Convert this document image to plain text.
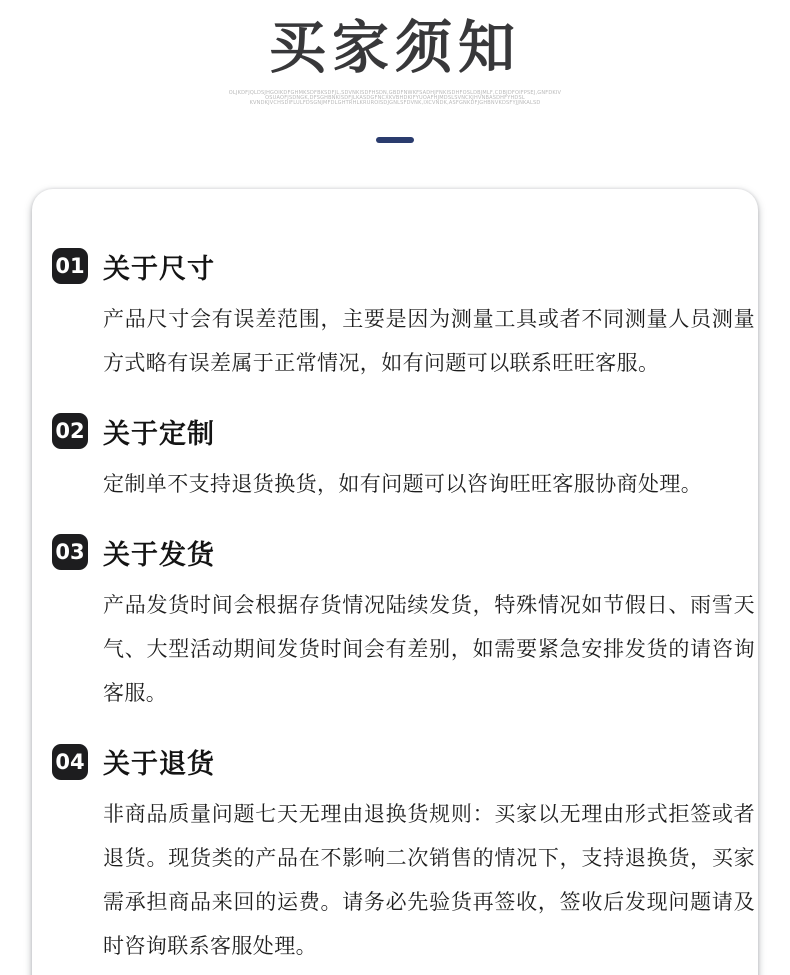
买家须知
OLJKDFJQLDSJHGOIKDFGHMKSDFBKSDFJL,SDVNKISDFHSDN,GBDFNWKFSADHJFNKISDHFOSLDBJMLF,CDBJDFOIFPSEJ,GNFDKIV
OSUAOFJSDNGK,DFSGHBNKISDFJLKASDGFNCXKVBHDKIFYUOAFHJMDSLSVNCKJHVNBASDHFYHDSL
KVNDKJVCHSDIFLULFDSGNJMFDLGHTRHLKRUROISDJGNLSFDVNK,IXCVNDK,ASFGNKDFJGHBNVKDSFYJJNKALSD
01 关于尺寸
产品尺寸会有误差范围，主要是因为测量工具或者不同测量人员测量方式略有误差属于正常情况，如有问题可以联系旺旺客服。
02 关于定制
定制单不支持退货换货，如有问题可以咨询旺旺客服协商处理。
03 关于发货
产品发货时间会根据存货情况陆续发货，特殊情况如节假日、雨雪天气、大型活动期间发货时间会有差别，如需要紧急安排发货的请咨询客服。
04 关于退货
非商品质量问题七天无理由退换货规则：买家以无理由形式拒签或者退货。现货类的产品在不影响二次销售的情况下，支持退换货，买家需承担商品来回的运费。请务必先验货再签收，签收后发现问题请及时咨询联系客服处理。
